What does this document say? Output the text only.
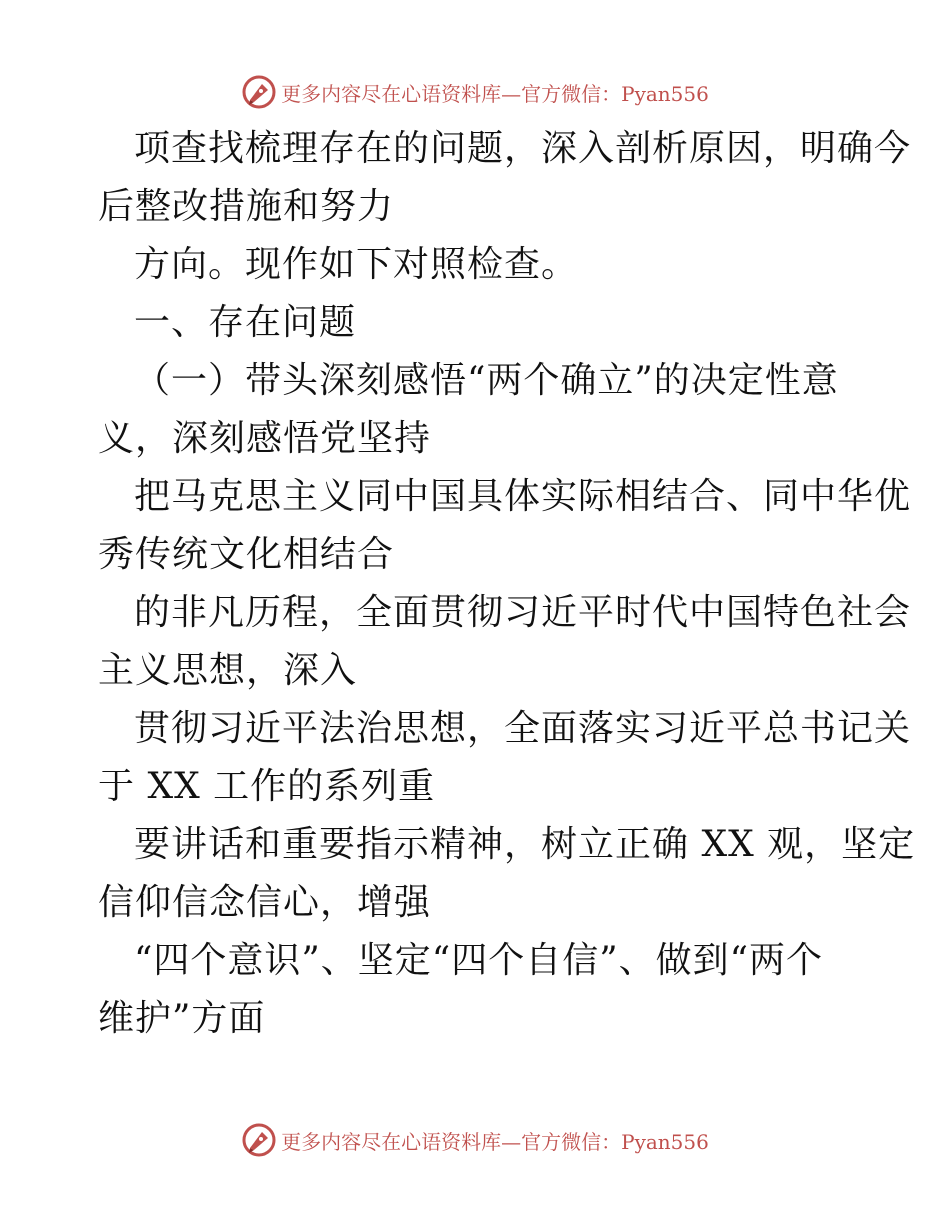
更多内容尽在心语资料库—官方微信：Pyan556

项查找梳理存在的问题，深入剖析原因，明确今

后整改措施和努力

方向。现作如下对照检查。

一、存在问题

（一）带头深刻感悟“两个确立”的决定性意

义，深刻感悟党坚持

把马克思主义同中国具体实际相结合、同中华优

秀传统文化相结合

的非凡历程，全面贯彻习近平时代中国特色社会

主义思想，深入

贯彻习近平法治思想，全面落实习近平总书记关

于 XX 工作的系列重

要讲话和重要指示精神，树立正确 XX 观，坚定

信仰信念信心，增强

“四个意识”、坚定“四个自信”、做到“两个

维护”方面

更多内容尽在心语资料库—官方微信：Pyan556
